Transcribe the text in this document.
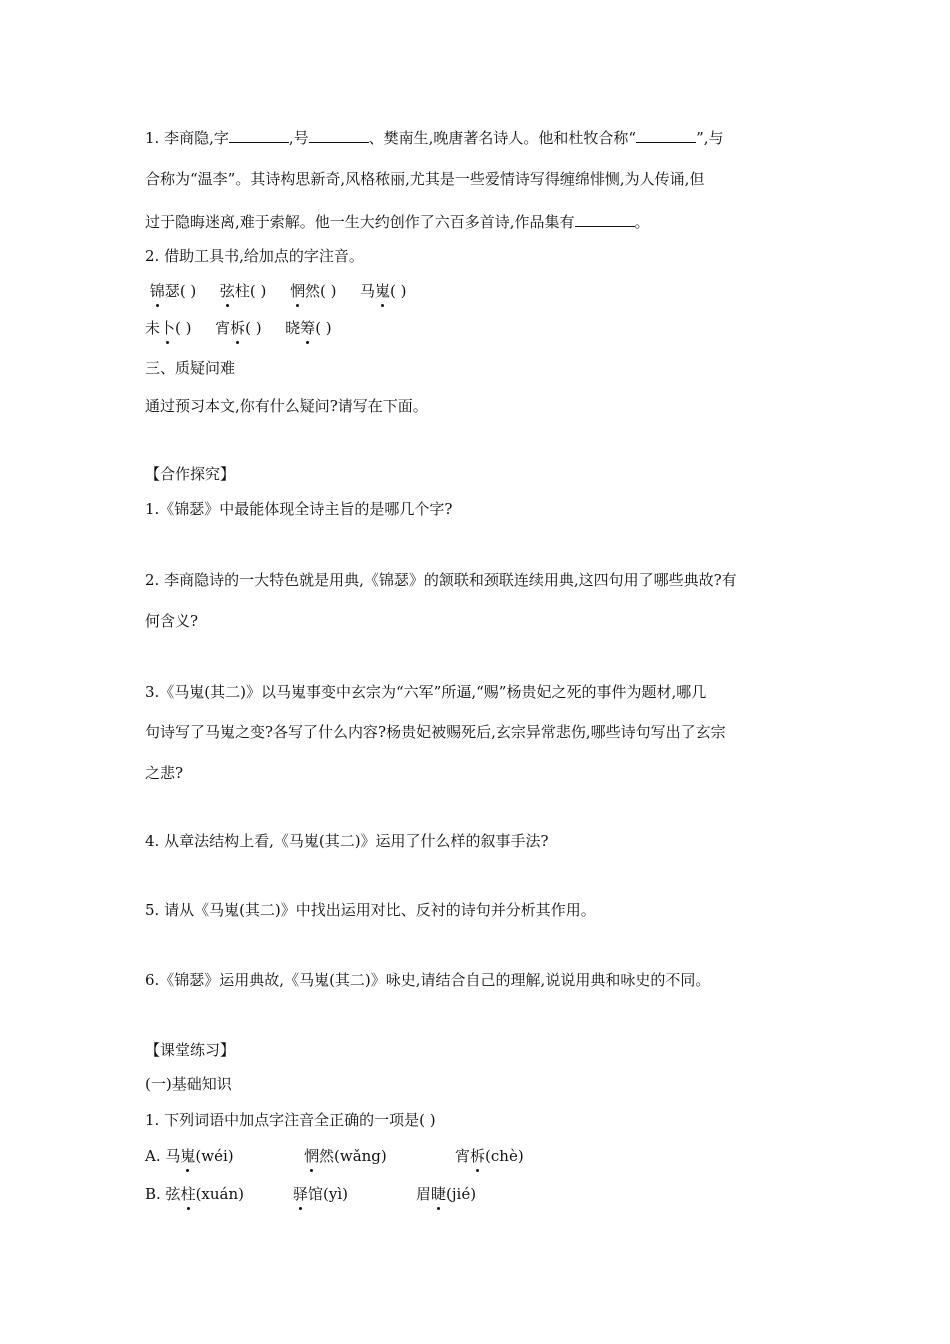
1. 李商隐,字	,号	、樊南生,晚唐著名诗人。他和杜牧合称“	”,与
合称为“温李”。其诗构思新奇,风格秾丽,尤其是一些爱情诗写得缠绵悱恻,为人传诵,但
过于隐晦迷离,难于索解。他一生大约创作了六百多首诗,作品集有	。
2. 借助工具书,给加点的字注音。
锦瑟( ) 弦柱( ) 惘然( ) 马嵬( )
未卜( ) 宵柝( ) 晓筹( )
三、质疑问难
通过预习本文,你有什么疑问?请写在下面。
【合作探究】
1.《锦瑟》中最能体现全诗主旨的是哪几个字?
2. 李商隐诗的一大特色就是用典,《锦瑟》的颔联和颈联连续用典,这四句用了哪些典故?有
何含义?
3.《马嵬(其二)》以马嵬事变中玄宗为“六军”所逼,“赐”杨贵妃之死的事件为题材,哪几
句诗写了马嵬之变?各写了什么内容?杨贵妃被赐死后,玄宗异常悲伤,哪些诗句写出了玄宗
之悲?
4. 从章法结构上看,《马嵬(其二)》运用了什么样的叙事手法?
5. 请从《马嵬(其二)》中找出运用对比、反衬的诗句并分析其作用。
6.《锦瑟》运用典故,《马嵬(其二)》咏史,请结合自己的理解,说说用典和咏史的不同。
【课堂练习】
(一)基础知识
1. 下列词语中加点字注音全正确的一项是( )
A. 马嵬(wéi)	惘然(wǎng)	宵柝(chè)
B. 弦柱(xuán)	驿馆(yì)	眉睫(jié)
